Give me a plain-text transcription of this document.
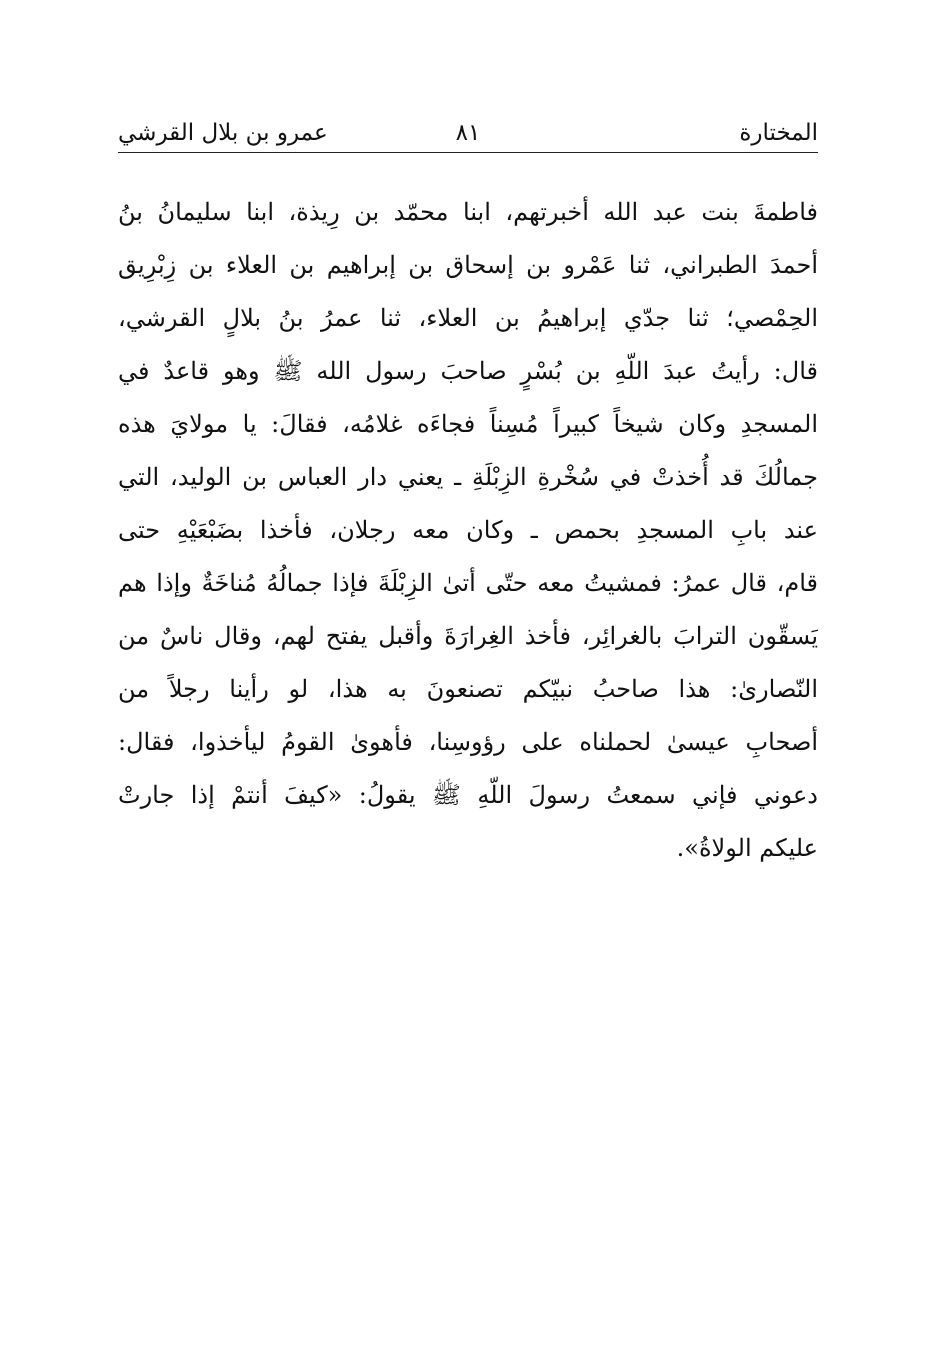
المختارة
٨١
عمرو بن بلال القرشي
فاطمةَ بنت عبد الله أخبرتهم، ابنا محمّد بن رِيذة، ابنا سليمانُ بنُ
أحمدَ الطبراني، ثنا عَمْرو بن إسحاق بن إبراهيم بن العلاء بن زِبْرِيق
الحِمْصي؛ ثنا جدّي إبراهيمُ بن العلاء، ثنا عمرُ بنُ بلالٍ القرشي،
قال: رأيتُ عبدَ اللّهِ بن بُسْرٍ صاحبَ رسول الله ﷺ وهو قاعدٌ في
المسجدِ وكان شيخاً كبيراً مُسِناً فجاءَه غلامُه، فقالَ: يا مولايَ هذه
جمالُكَ قد أُخذتْ في سُخْرةِ الزِبْلَةِ ـ يعني دار العباس بن الوليد، التي
عند بابِ المسجدِ بحمص ـ وكان معه رجلان، فأخذا بضَبْعَيْهِ حتى
قام، قال عمرُ: فمشيتُ معه حتّى أتىٰ الزِبْلَةَ فإذا جمالُهُ مُناخَةٌ وإذا هم
يَسقّون الترابَ بالغرائِر، فأخذ الغِرارَةَ وأقبل يفتح لهم، وقال ناسٌ من
النّصارىٰ: هذا صاحبُ نبيّكم تصنعونَ به هذا، لو رأينا رجلاً من
أصحابِ عيسىٰ لحملناه على رؤوسِنا، فأهوىٰ القومُ ليأخذوا، فقال:
دعوني فإني سمعتُ رسولَ اللّهِ ﷺ يقولُ: «كيفَ أنتمْ إذا جارتْ
عليكم الولاةُ».
